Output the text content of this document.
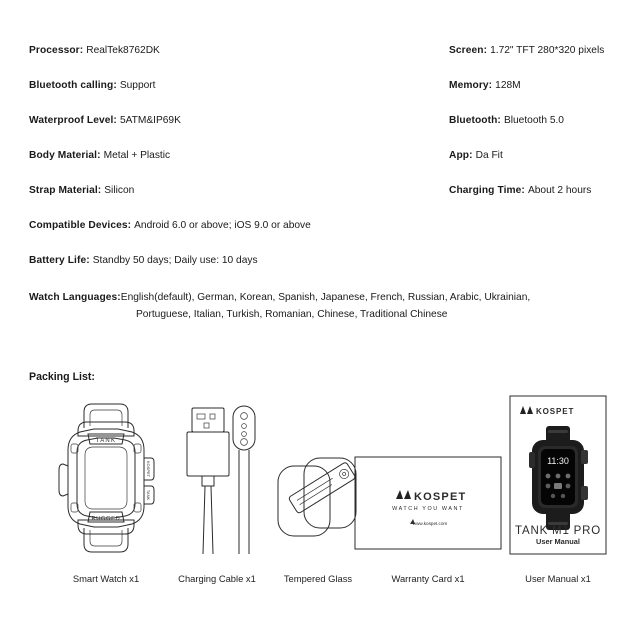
Processor: RealTek8762DK	Screen: 1.72" TFT 280*320 pixels
Bluetooth calling: Support	Memory: 128M
Waterproof Level: 5ATM&IP69K	Bluetooth: Bluetooth 5.0
Body Material: Metal + Plastic	App: Da Fit
Strap Material: Silicon	Charging Time: About 2 hours
Compatible Devices: Android 6.0 or above; iOS 9.0 or above
Battery Life: Standby 50 days; Daily use: 10 days
Watch Languages:English(default), German, Korean, Spanish, Japanese, French, Russian, Arabic, Ukrainian,
Portuguese, Italian, Turkish, Romanian, Chinese, Traditional Chinese
Packing List:
TANK
RUGGED
KOSPET
TANK
Smart Watch x1	Charging Cable x1	Tempered Glass
KOSPET
WATCH YOU WANT
www.kospet.com
Warranty Card x1
KOSPET
11:30
TANK M1 PRO
User Manual
User Manual x1
